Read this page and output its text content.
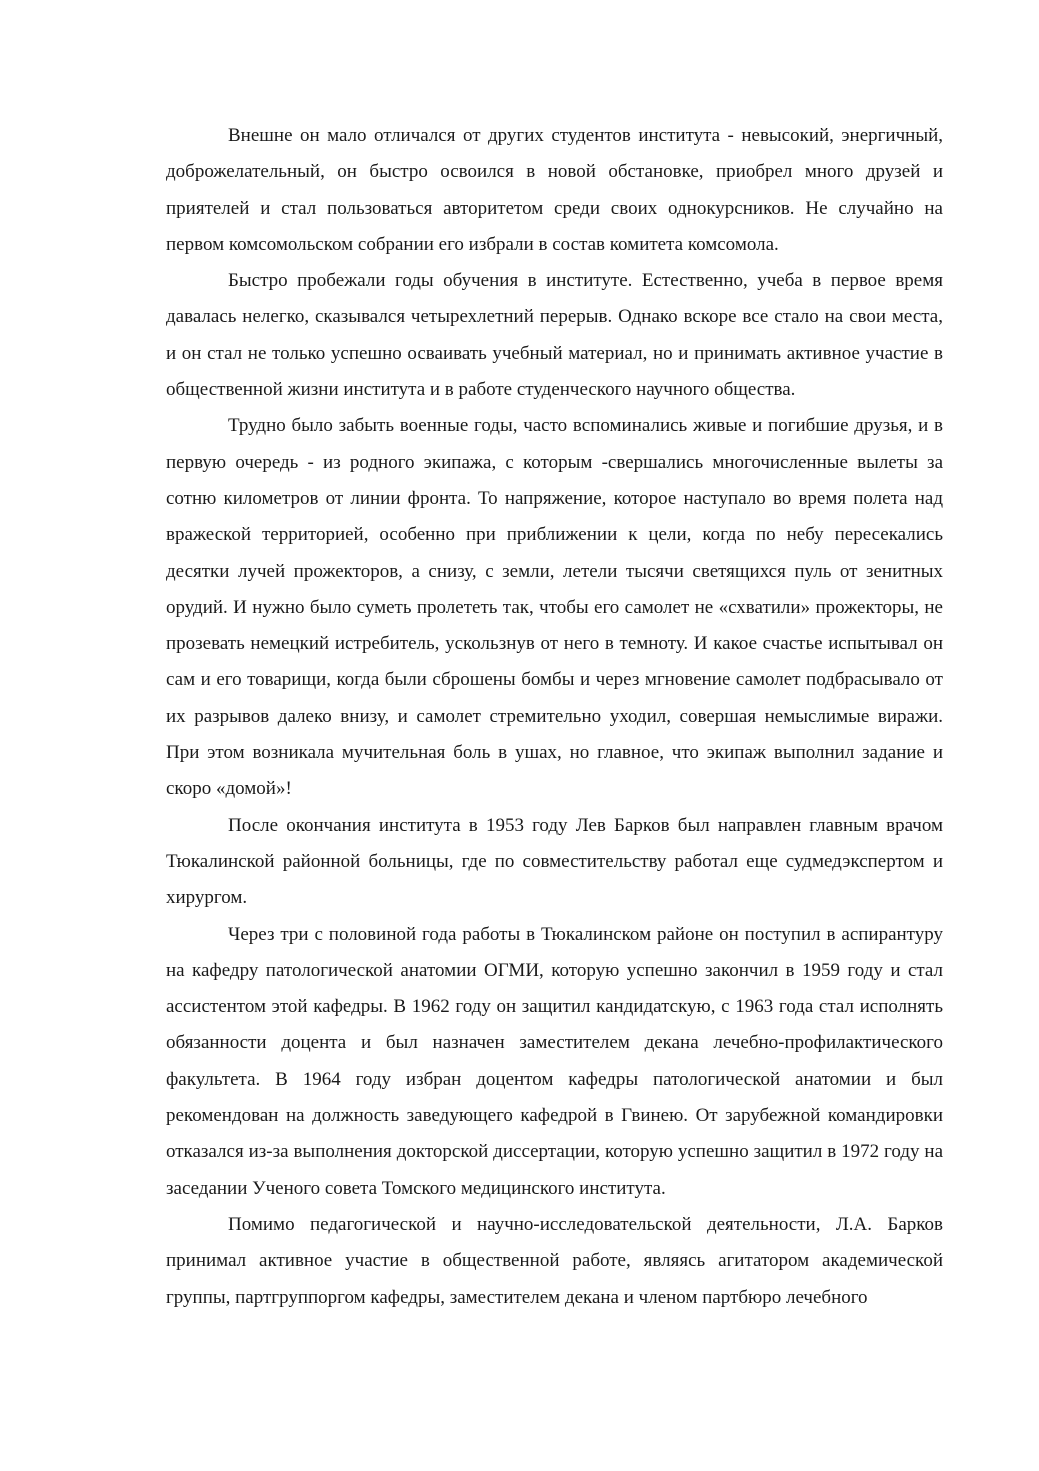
Внешне он мало отличался от других студентов института - невысокий, энергичный, доброжелательный, он быстро освоился в новой обстановке, приобрел много друзей и приятелей и стал пользоваться авторитетом среди своих однокурсников. Не случайно на первом комсомольском собрании его избрали в состав комитета комсомола.

Быстро пробежали годы обучения в институте. Естественно, учеба в первое время давалась нелегко, сказывался четырехлетний перерыв. Однако вскоре все стало на свои места, и он стал не только успешно осваивать учебный материал, но и принимать активное участие в общественной жизни института и в работе студенческого научного общества.

Трудно было забыть военные годы, часто вспоминались живые и погибшие друзья, и в первую очередь - из родного экипажа, с которым -свершались многочисленные вылеты за сотню километров от линии фронта. То напряжение, которое наступало во время полета над вражеской территорией, особенно при приближении к цели, когда по небу пересекались десятки лучей прожекторов, а снизу, с земли, летели тысячи светящихся пуль от зенитных орудий. И нужно было суметь пролететь так, чтобы его самолет не «схватили» прожекторы, не прозевать немецкий истребитель, ускользнув от него в темноту. И какое счастье испытывал он сам и его товарищи, когда были сброшены бомбы и через мгновение самолет подбрасывало от их разрывов далеко внизу, и самолет стремительно уходил, совершая немыслимые виражи. При этом возникала мучительная боль в ушах, но главное, что экипаж выполнил задание и скоро «домой»!

После окончания института в 1953 году Лев Барков был направлен главным врачом Тюкалинской районной больницы, где по совместительству работал еще судмедэкспертом и хирургом.

Через три с половиной года работы в Тюкалинском районе он поступил в аспирантуру на кафедру патологической анатомии ОГМИ, которую успешно закончил в 1959 году и стал ассистентом этой кафедры. В 1962 году он защитил кандидатскую, с 1963 года стал исполнять обязанности доцента и был назначен заместителем декана лечебно-профилактического факультета. В 1964 году избран доцентом кафедры патологической анатомии и был рекомендован на должность заведующего кафедрой в Гвинею. От зарубежной командировки отказался из-за выполнения докторской диссертации, которую успешно защитил в 1972 году на заседании Ученого совета Томского медицинского института.

Помимо педагогической и научно-исследовательской деятельности, Л.А. Барков принимал активное участие в общественной работе, являясь агитатором академической группы, партгруппоргом кафедры, заместителем декана и членом партбюро лечебного
